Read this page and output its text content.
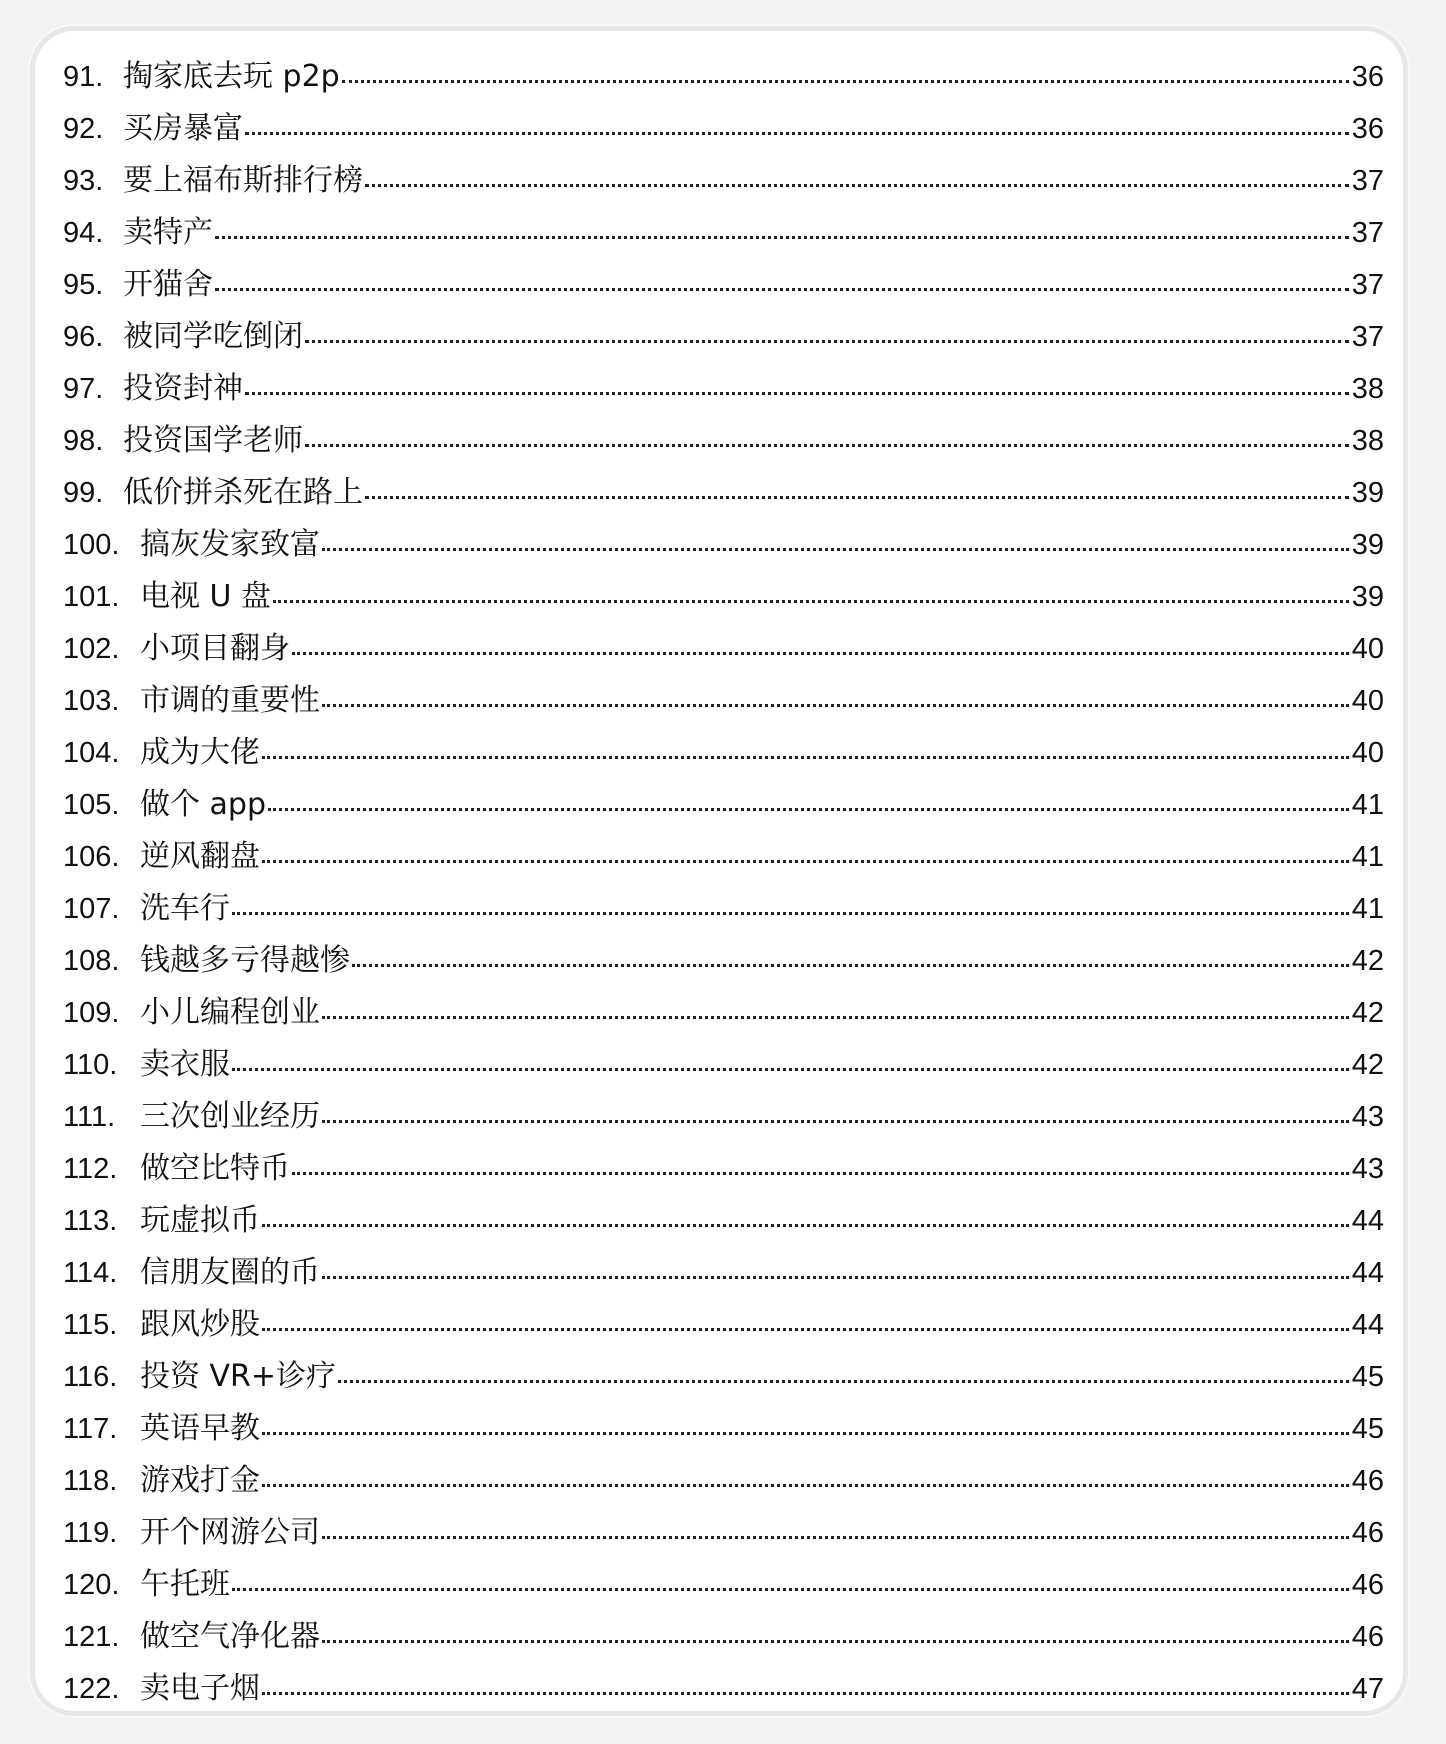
91. 掏家底去玩 p2p	36
92. 买房暴富	36
93. 要上福布斯排行榜	37
94. 卖特产	37
95. 开猫舍	37
96. 被同学吃倒闭	37
97. 投资封神	38
98. 投资国学老师	38
99. 低价拼杀死在路上	39
100. 搞灰发家致富	39
101. 电视 U 盘	39
102. 小项目翻身	40
103. 市调的重要性	40
104. 成为大佬	40
105. 做个 app	41
106. 逆风翻盘	41
107. 洗车行	41
108. 钱越多亏得越惨	42
109. 小儿编程创业	42
110. 卖衣服	42
111. 三次创业经历	43
112. 做空比特币	43
113. 玩虚拟币	44
114. 信朋友圈的币	44
115. 跟风炒股	44
116. 投资 VR+诊疗	45
117. 英语早教	45
118. 游戏打金	46
119. 开个网游公司	46
120. 午托班	46
121. 做空气净化器	46
122. 卖电子烟	47
